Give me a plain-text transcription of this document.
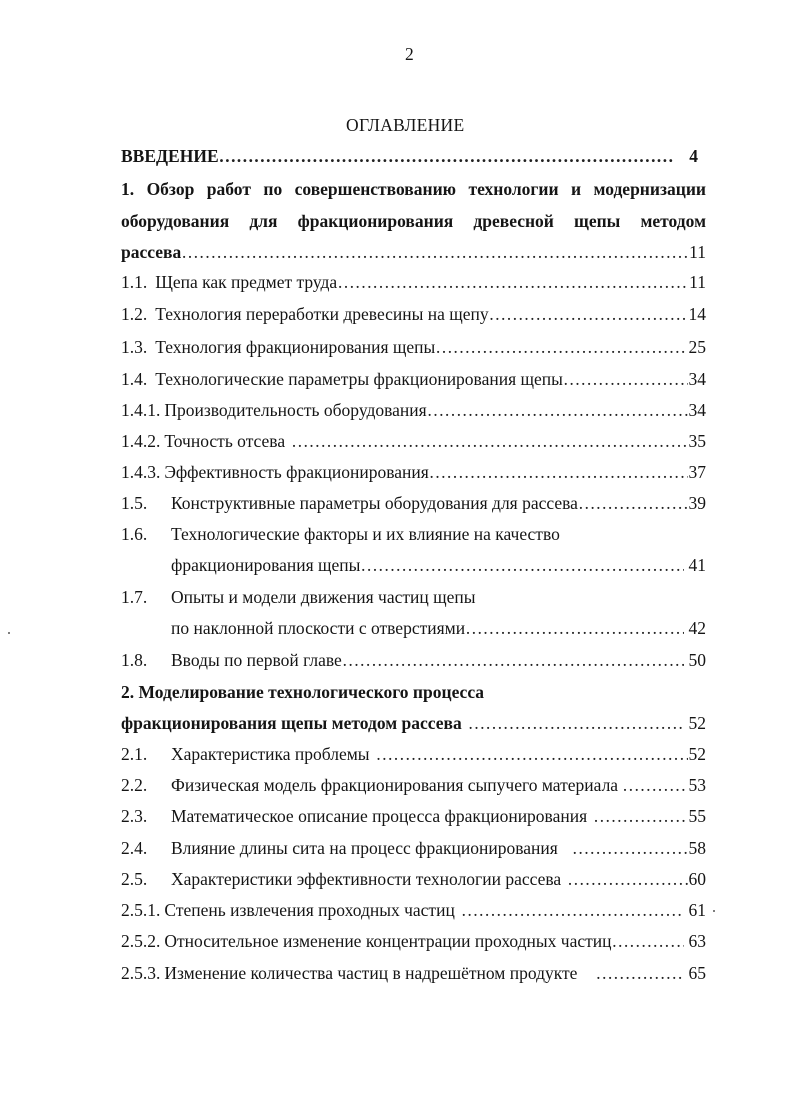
2
ОГЛАВЛЕНИЕ
ВВЕДЕНИЕ ……………………………………………………………………………………………………………………………………………………………………	4
1. Обзор работ по совершенствованию технологии и модернизации
оборудования для фракционирования древесной щепы методом
рассева ……………………………………………………………………………………………………………………………………………………………………	11
1.1. Щепа как предмет труда ……………………………………………………………………………………………………………………………………………………………………	11
1.2. Технология переработки древесины на щепу ……………………………………………………………………………………………………………………………………………………………………	14
1.3. Технология фракционирования щепы ……………………………………………………………………………………………………………………………………………………………………	25
1.4. Технологические параметры фракционирования щепы ……………………………………………………………………………………………………………………………………………………………………	34
1.4.1. Производительность оборудования ……………………………………………………………………………………………………………………………………………………………………	34
1.4.2. Точность отсева ……………………………………………………………………………………………………………………………………………………………………	35
1.4.3. Эффективность фракционирования ……………………………………………………………………………………………………………………………………………………………………	37
1.5. Конструктивные параметры оборудования для рассева ……………………………………………………………………………………………………………………………………………………………………	39
1.6. Технологические факторы и их влияние на качество
фракционирования щепы ……………………………………………………………………………………………………………………………………………………………………	41
1.7. Опыты и модели движения частиц щепы
по наклонной плоскости с отверстиями ……………………………………………………………………………………………………………………………………………………………………	42
1.8. Вводы по первой главе ……………………………………………………………………………………………………………………………………………………………………	50
2. Моделирование технологического процесса
фракционирования щепы методом рассева ……………………………………………………………………………………………………………………………………………………………………	52
2.1. Характеристика проблемы ……………………………………………………………………………………………………………………………………………………………………	52
2.2. Физическая модель фракционирования сыпучего материала ……………………………………………………………………………………………………………………………………………………………………	53
2.3. Математическое описание процесса фракционирования ……………………………………………………………………………………………………………………………………………………………………	55
2.4. Влияние длины сита на процесс фракционирования ……………………………………………………………………………………………………………………………………………………………………	58
2.5. Характеристики эффективности технологии рассева ……………………………………………………………………………………………………………………………………………………………………	60
2.5.1. Степень извлечения проходных частиц ……………………………………………………………………………………………………………………………………………………………………	61
2.5.2. Относительное изменение концентрации проходных частиц ……………………………………………………………………………………………………………………………………………………………………	63
2.5.3. Изменение количества частиц в надрешётном продукте ……………………………………………………………………………………………………………………………………………………………………	65
